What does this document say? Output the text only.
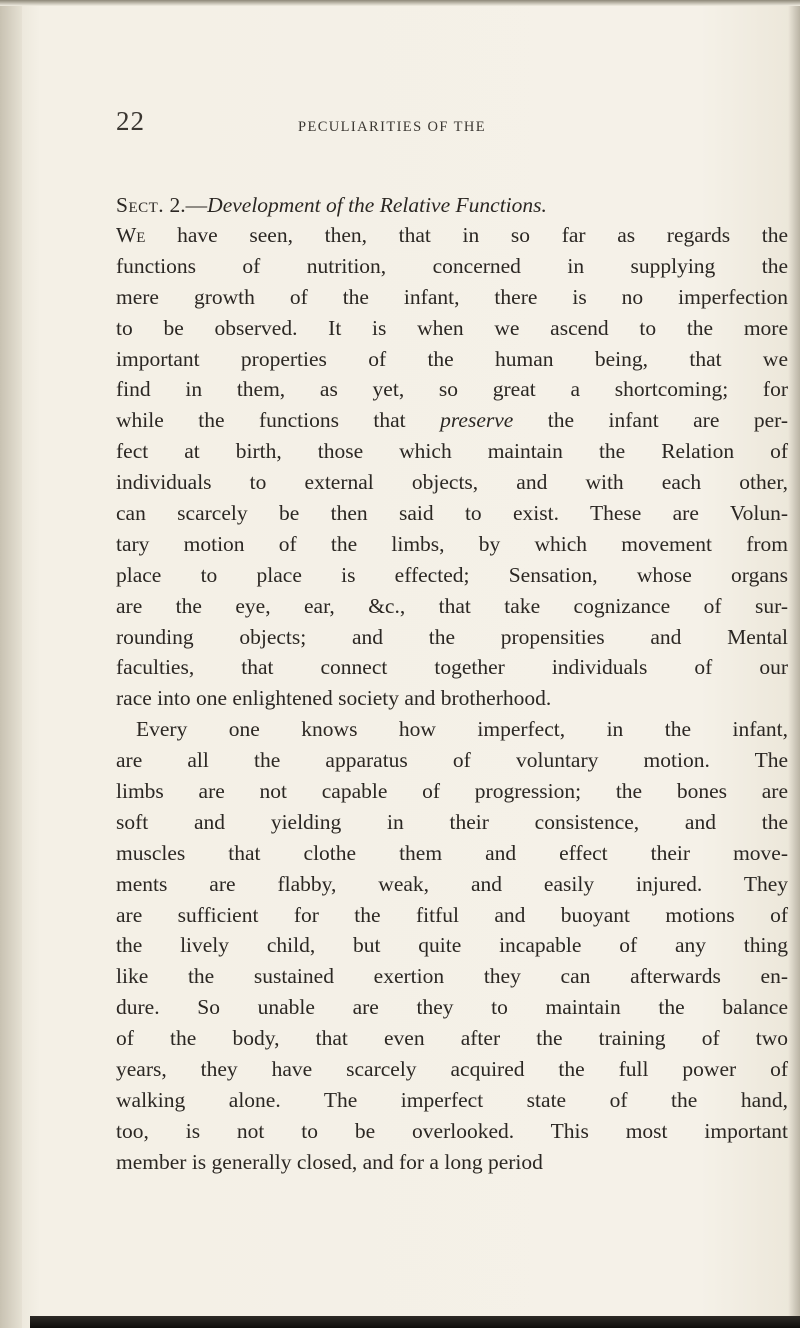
22	PECULIARITIES OF THE
Sect. 2.—Development of the Relative Functions.
We have seen, then, that in so far as regards the
functions of nutrition, concerned in supplying the
mere growth of the infant, there is no imperfection
to be observed. It is when we ascend to the more
important properties of the human being, that we
find in them, as yet, so great a shortcoming; for
while the functions that preserve the infant are per-
fect at birth, those which maintain the Relation of
individuals to external objects, and with each other,
can scarcely be then said to exist. These are Volun-
tary motion of the limbs, by which movement from
place to place is effected; Sensation, whose organs
are the eye, ear, &c., that take cognizance of sur-
rounding objects; and the propensities and Mental
faculties, that connect together individuals of our
race into one enlightened society and brotherhood.
Every one knows how imperfect, in the infant,
are all the apparatus of voluntary motion. The
limbs are not capable of progression; the bones are
soft and yielding in their consistence, and the
muscles that clothe them and effect their move-
ments are flabby, weak, and easily injured. They
are sufficient for the fitful and buoyant motions of
the lively child, but quite incapable of any thing
like the sustained exertion they can afterwards en-
dure. So unable are they to maintain the balance
of the body, that even after the training of two
years, they have scarcely acquired the full power of
walking alone. The imperfect state of the hand,
too, is not to be overlooked. This most important
member is generally closed, and for a long period
